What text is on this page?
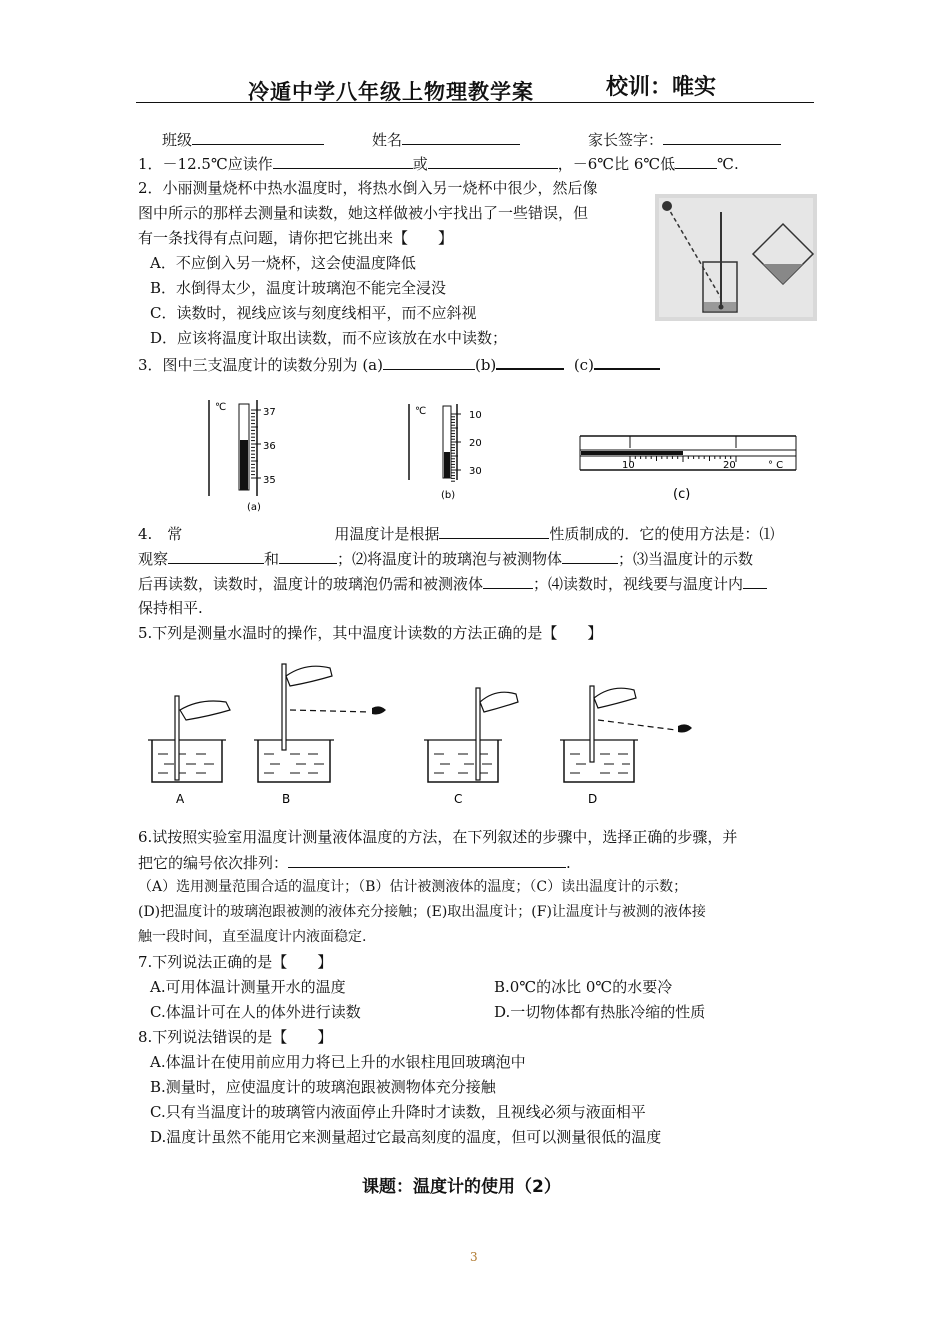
冷遁中学八年级上物理教学案	校训：唯实
班级	姓名	家长签字：
1．－12.5℃应读作	或	，－6℃比 6℃低	℃.
2．小丽测量烧杯中热水温度时，将热水倒入另一烧杯中很少，然后像
图中所示的那样去测量和读数，她这样做被小宇找出了一些错误，但
有一条找得有点问题，请你把它挑出来【　　】
A．不应倒入另一烧杯，这会使温度降低
B．水倒得太少，温度计玻璃泡不能完全浸没
C．读数时，视线应该与刻度线相平，而不应斜视
D．应该将温度计取出读数，而不应该放在水中读数；
3．图中三支温度计的读数分别为 (a)	(b)	(c)
℃	37
36
35
(a)
℃	10
20
30
(b)
10	20	° C
(c)
4.　常	用温度计是根据	性质制成的．它的使用方法是：⑴
观察	和	；⑵将温度计的玻璃泡与被测物体	；⑶当温度计的示数
后再读数，读数时，温度计的玻璃泡仍需和被测液体	；⑷读数时，视线要与温度计内
保持相平.
5.下列是测量水温时的操作，其中温度计读数的方法正确的是【　　】
A	B	C	D
6.试按照实验室用温度计测量液体温度的方法，在下列叙述的步骤中，选择正确的步骤，并
把它的编号依次排列：	.
（A）选用测量范围合适的温度计；（B）估计被测液体的温度；（C）读出温度计的示数；
(D)把温度计的玻璃泡跟被测的液体充分接触；(E)取出温度计；(F)让温度计与被测的液体接
触一段时间，直至温度计内液面稳定.
7.下列说法正确的是【　　】
A.可用体温计测量开水的温度	B.0℃的冰比 0℃的水要冷
C.体温计可在人的体外进行读数	D.一切物体都有热胀冷缩的性质
8.下列说法错误的是【　　】
A.体温计在使用前应用力将已上升的水银柱甩回玻璃泡中
B.测量时，应使温度计的玻璃泡跟被测物体充分接触
C.只有当温度计的玻璃管内液面停止升降时才读数，且视线必须与液面相平
D.温度计虽然不能用它来测量超过它最高刻度的温度，但可以测量很低的温度
课题：温度计的使用（2）
3
